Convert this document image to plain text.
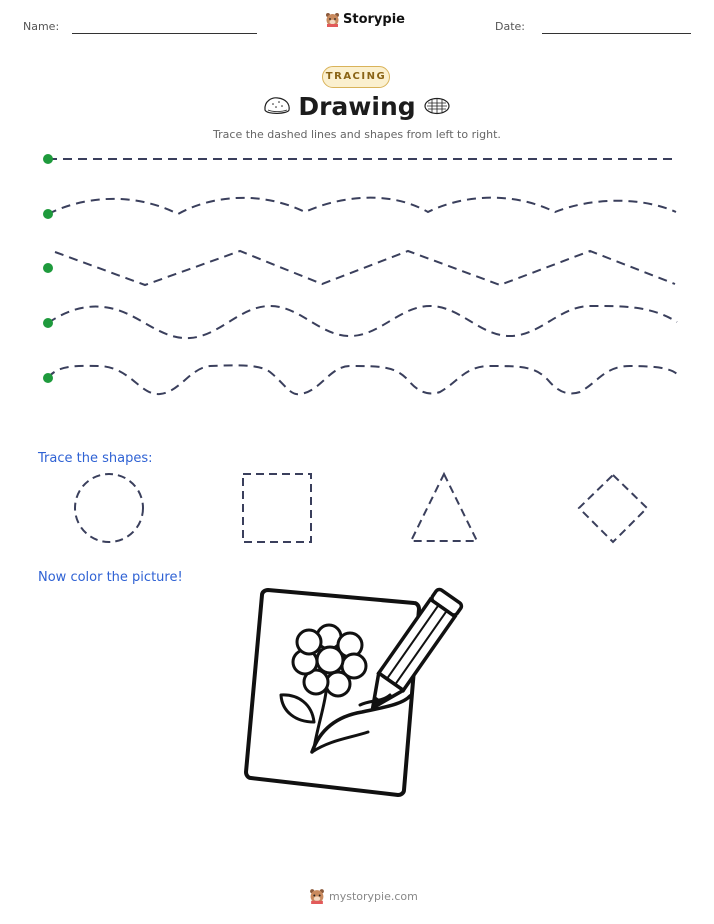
Name:	Storypie	Date:
TRACING
Drawing
Trace the dashed lines and shapes from left to right.
Trace the shapes:
Now color the picture!
mystorypie.com
